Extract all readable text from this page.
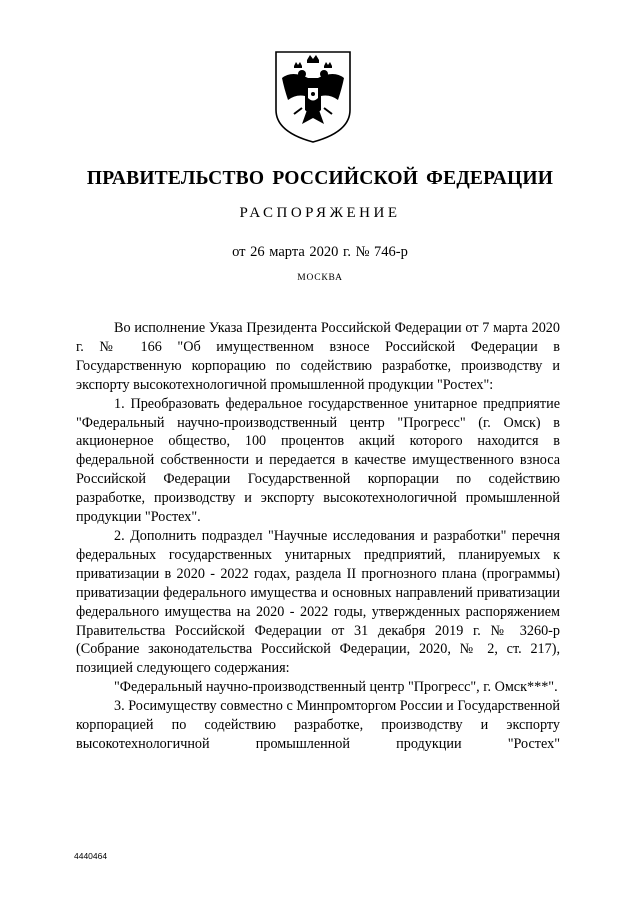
ПРАВИТЕЛЬСТВО РОССИЙСКОЙ ФЕДЕРАЦИИ
РАСПОРЯЖЕНИЕ
от 26 марта 2020 г. № 746-р
МОСКВА

Во исполнение Указа Президента Российской Федерации от 7 марта 2020 г. № 166 "Об имущественном взносе Российской Федерации в Государственную корпорацию по содействию разработке, производству и экспорту высокотехнологичной промышленной продукции "Ростех":

1. Преобразовать федеральное государственное унитарное предприятие "Федеральный научно-производственный центр "Прогресс" (г. Омск) в акционерное общество, 100 процентов акций которого находится в федеральной собственности и передается в качестве имущественного взноса Российской Федерации Государственной корпорации по содействию разработке, производству и экспорту высокотехнологичной промышленной продукции "Ростех".

2. Дополнить подраздел "Научные исследования и разработки" перечня федеральных государственных унитарных предприятий, планируемых к приватизации в 2020 - 2022 годах, раздела II прогнозного плана (программы) приватизации федерального имущества и основных направлений приватизации федерального имущества на 2020 - 2022 годы, утвержденных распоряжением Правительства Российской Федерации от 31 декабря 2019 г. № 3260-р (Собрание законодательства Российской Федерации, 2020, № 2, ст. 217), позицией следующего содержания:

"Федеральный научно-производственный центр "Прогресс", г. Омск***".

3. Росимуществу совместно с Минпромторгом России и Государственной корпорацией по содействию разработке, производству и экспорту высокотехнологичной промышленной продукции "Ростех"

4440464
